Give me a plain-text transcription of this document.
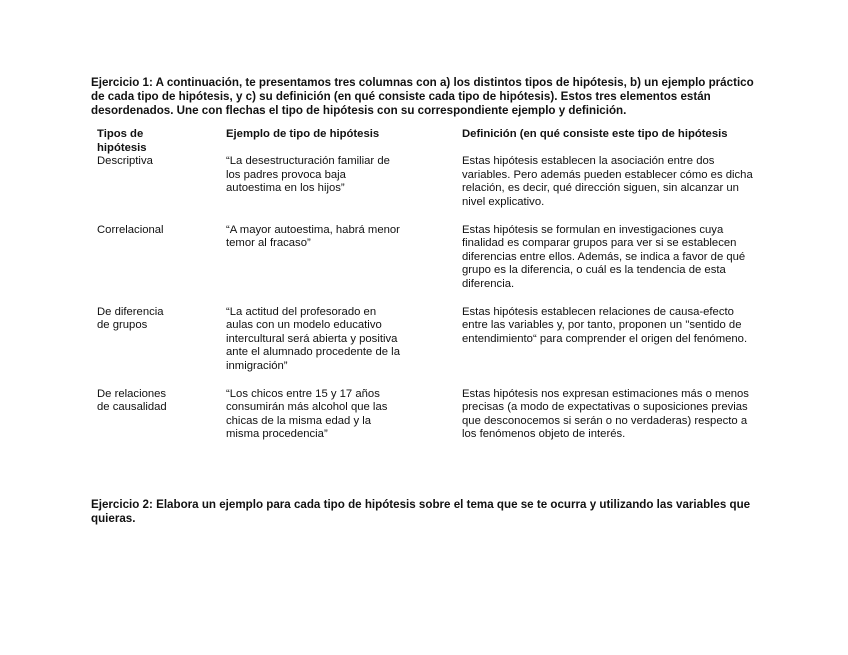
Ejercicio 1: A continuación, te presentamos tres columnas con a) los distintos tipos de hipótesis, b) un ejemplo práctico de cada tipo de hipótesis, y c) su definición (en qué consiste cada tipo de hipótesis). Estos tres elementos están desordenados. Une con flechas el tipo de hipótesis con su correspondiente ejemplo y definición.

Tipos de hipótesis	Ejemplo de tipo de hipótesis	Definición (en qué consiste este tipo de hipótesis

Descriptiva	“La desestructuración familiar de los padres provoca baja autoestima en los hijos”	Estas hipótesis establecen la asociación entre dos variables. Pero además pueden establecer cómo es dicha relación, es decir, qué dirección siguen, sin alcanzar un nivel explicativo.

Correlacional	“A mayor autoestima, habrá menor temor al fracaso”	Estas hipótesis se formulan en investigaciones cuya finalidad es comparar grupos para ver si se establecen diferencias entre ellos. Además, se indica a favor de qué grupo es la diferencia, o cuál es la tendencia de esta diferencia.

De diferencia de grupos	“La actitud del profesorado en aulas con un modelo educativo intercultural será abierta y positiva ante el alumnado procedente de la inmigración”	Estas hipótesis establecen relaciones de causa-efecto entre las variables y, por tanto, proponen un "sentido de entendimiento“ para comprender el origen del fenómeno.

De relaciones de causalidad	“Los chicos entre 15 y 17 años consumirán más alcohol que las chicas de la misma edad y la misma procedencia”	Estas hipótesis nos expresan estimaciones más o menos precisas (a modo de expectativas o suposiciones previas que desconocemos si serán o no verdaderas) respecto a los fenómenos objeto de interés.

Ejercicio 2: Elabora un ejemplo para cada tipo de hipótesis sobre el tema que se te ocurra y utilizando las variables que quieras.
